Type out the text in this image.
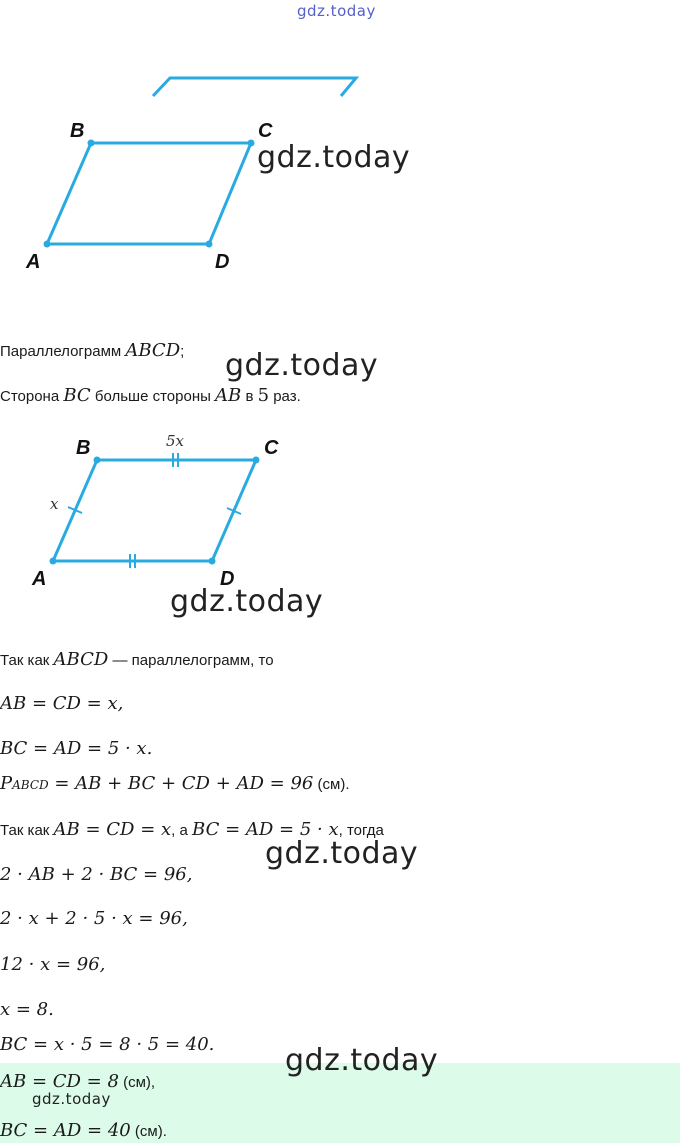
gdz.today
A
B	C
D
gdz.today
Параллелограмм ABCD; gdz.today
Сторона BC больше стороны AB в 5 раз.
B	C
A	D
5x
x
gdz.today
Так как ABCD — параллелограмм, то
AB = CD = x,
BC = AD = 5 · x.
PABCD = AB + BC + CD + AD = 96 (см).
Так как AB = CD = x, а BC = AD = 5 · x, тогда
gdz.today
2 · AB + 2 · BC = 96,
2 · x + 2 · 5 · x = 96,
12 · x = 96,
x = 8.
BC = x · 5 = 8 · 5 = 40. gdz.today
AB = CD = 8 (см),
gdz.today
BC = AD = 40 (см).
